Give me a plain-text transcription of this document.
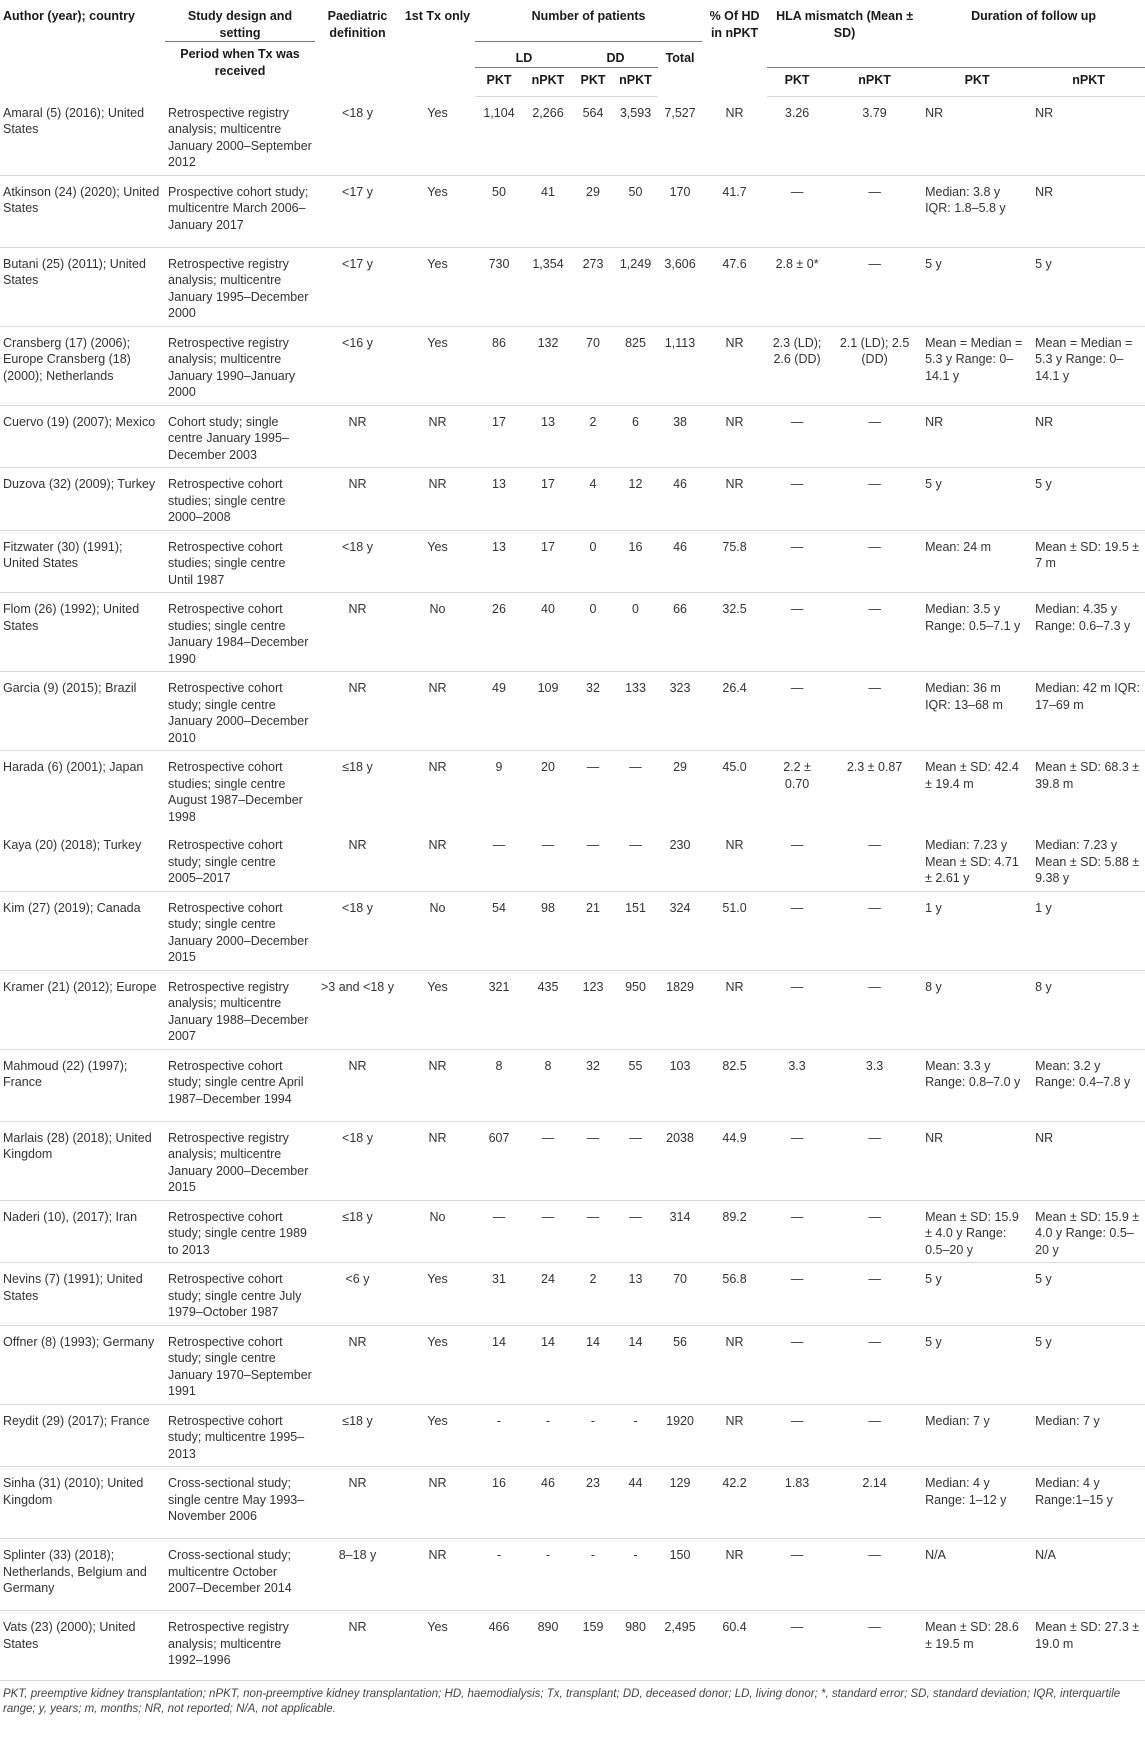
Author (year); country	Study design and setting	Paediatric definition	1st Tx only	Number of patients					% Of HD in nPKT	HLA mismatch (Mean ± SD)		Duration of follow up	
	Period when Tx was received			LD		DD		Total					
				PKT	nPKT	PKT	nPKT			PKT	nPKT	PKT	nPKT
Amaral (5) (2016); United States	Retrospective registry analysis; multicentre January 2000–September 2012	<18 y	Yes	1,104	2,266	564	3,593	7,527	NR	3.26	3.79	NR	NR
Atkinson (24) (2020); United States	Prospective cohort study; multicentre March 2006–January 2017	<17 y	Yes	50	41	29	50	170	41.7	—	—	Median: 3.8 y IQR: 1.8–5.8 y	NR
Butani (25) (2011); United States	Retrospective registry analysis; multicentre January 1995–December 2000	<17 y	Yes	730	1,354	273	1,249	3,606	47.6	2.8 ± 0*	—	5 y	5 y
Cransberg (17) (2006); Europe Cransberg (18) (2000); Netherlands	Retrospective registry analysis; multicentre January 1990–January 2000	<16 y	Yes	86	132	70	825	1,113	NR	2.3 (LD); 2.6 (DD)	2.1 (LD); 2.5 (DD)	Mean = Median = 5.3 y Range: 0–14.1 y	Mean = Median = 5.3 y Range: 0–14.1 y
Cuervo (19) (2007); Mexico	Cohort study; single centre January 1995–December 2003	NR	NR	17	13	2	6	38	NR	—	—	NR	NR
Duzova (32) (2009); Turkey	Retrospective cohort studies; single centre 2000–2008	NR	NR	13	17	4	12	46	NR	—	—	5 y	5 y
Fitzwater (30) (1991); United States	Retrospective cohort studies; single centre Until 1987	<18 y	Yes	13	17	0	16	46	75.8	—	—	Mean: 24 m	Mean ± SD: 19.5 ± 7 m
Flom (26) (1992); United States	Retrospective cohort studies; single centre January 1984–December 1990	NR	No	26	40	0	0	66	32.5	—	—	Median: 3.5 y Range: 0.5–7.1 y	Median: 4.35 y Range: 0.6–7.3 y
Garcia (9) (2015); Brazil	Retrospective cohort study; single centre January 2000–December 2010	NR	NR	49	109	32	133	323	26.4	—	—	Median: 36 m IQR: 13–68 m	Median: 42 m IQR: 17–69 m
Harada (6) (2001); Japan	Retrospective cohort studies; single centre August 1987–December 1998	≤18 y	NR	9	20	—	—	29	45.0	2.2 ± 0.70	2.3 ± 0.87	Mean ± SD: 42.4 ± 19.4 m	Mean ± SD: 68.3 ± 39.8 m
Kaya (20) (2018); Turkey	Retrospective cohort study; single centre 2005–2017	NR	NR	—	—	—	—	230	NR	—	—	Median: 7.23 y Mean ± SD: 4.71 ± 2.61 y	Median: 7.23 y Mean ± SD: 5.88 ± 9.38 y
Kim (27) (2019); Canada	Retrospective cohort study; single centre January 2000–December 2015	<18 y	No	54	98	21	151	324	51.0	—	—	1 y	1 y
Kramer (21) (2012); Europe	Retrospective registry analysis; multicentre January 1988–December 2007	>3 and <18 y	Yes	321	435	123	950	1829	NR	—	—	8 y	8 y
Mahmoud (22) (1997); France	Retrospective cohort study; single centre April 1987–December 1994	NR	NR	8	8	32	55	103	82.5	3.3	3.3	Mean: 3.3 y Range: 0.8–7.0 y	Mean: 3.2 y Range: 0.4–7.8 y
Marlais (28) (2018); United Kingdom	Retrospective registry analysis; multicentre January 2000–December 2015	<18 y	NR	607	—	—	—	2038	44.9	—	—	NR	NR
Naderi (10), (2017); Iran	Retrospective cohort study; single centre 1989 to 2013	≤18 y	No	—	—	—	—	314	89.2	—	—	Mean ± SD: 15.9 ± 4.0 y Range: 0.5–20 y	Mean ± SD: 15.9 ± 4.0 y Range: 0.5–20 y
Nevins (7) (1991); United States	Retrospective cohort study; single centre July 1979–October 1987	<6 y	Yes	31	24	2	13	70	56.8	—	—	5 y	5 y
Offner (8) (1993); Germany	Retrospective cohort study; single centre January 1970–September 1991	NR	Yes	14	14	14	14	56	NR	—	—	5 y	5 y
Reydit (29) (2017); France	Retrospective cohort study; multicentre 1995–2013	≤18 y	Yes	-	-	-	-	1920	NR	—	—	Median: 7 y	Median: 7 y
Sinha (31) (2010); United Kingdom	Cross-sectional study; single centre May 1993–November 2006	NR	NR	16	46	23	44	129	42.2	1.83	2.14	Median: 4 y Range: 1–12 y	Median: 4 y Range:1–15 y
Splinter (33) (2018); Netherlands, Belgium and Germany	Cross-sectional study; multicentre October 2007–December 2014	8–18 y	NR	-	-	-	-	150	NR	—	—	N/A	N/A
Vats (23) (2000); United States	Retrospective registry analysis; multicentre 1992–1996	NR	Yes	466	890	159	980	2,495	60.4	—	—	Mean ± SD: 28.6 ± 19.5 m	Mean ± SD: 27.3 ± 19.0 m
PKT, preemptive kidney transplantation; nPKT, non-preemptive kidney transplantation; HD, haemodialysis; Tx, transplant; DD, deceased donor; LD, living donor; *, standard error; SD, standard deviation; IQR, interquartile range; y, years; m, months; NR, not reported; N/A, not applicable.
